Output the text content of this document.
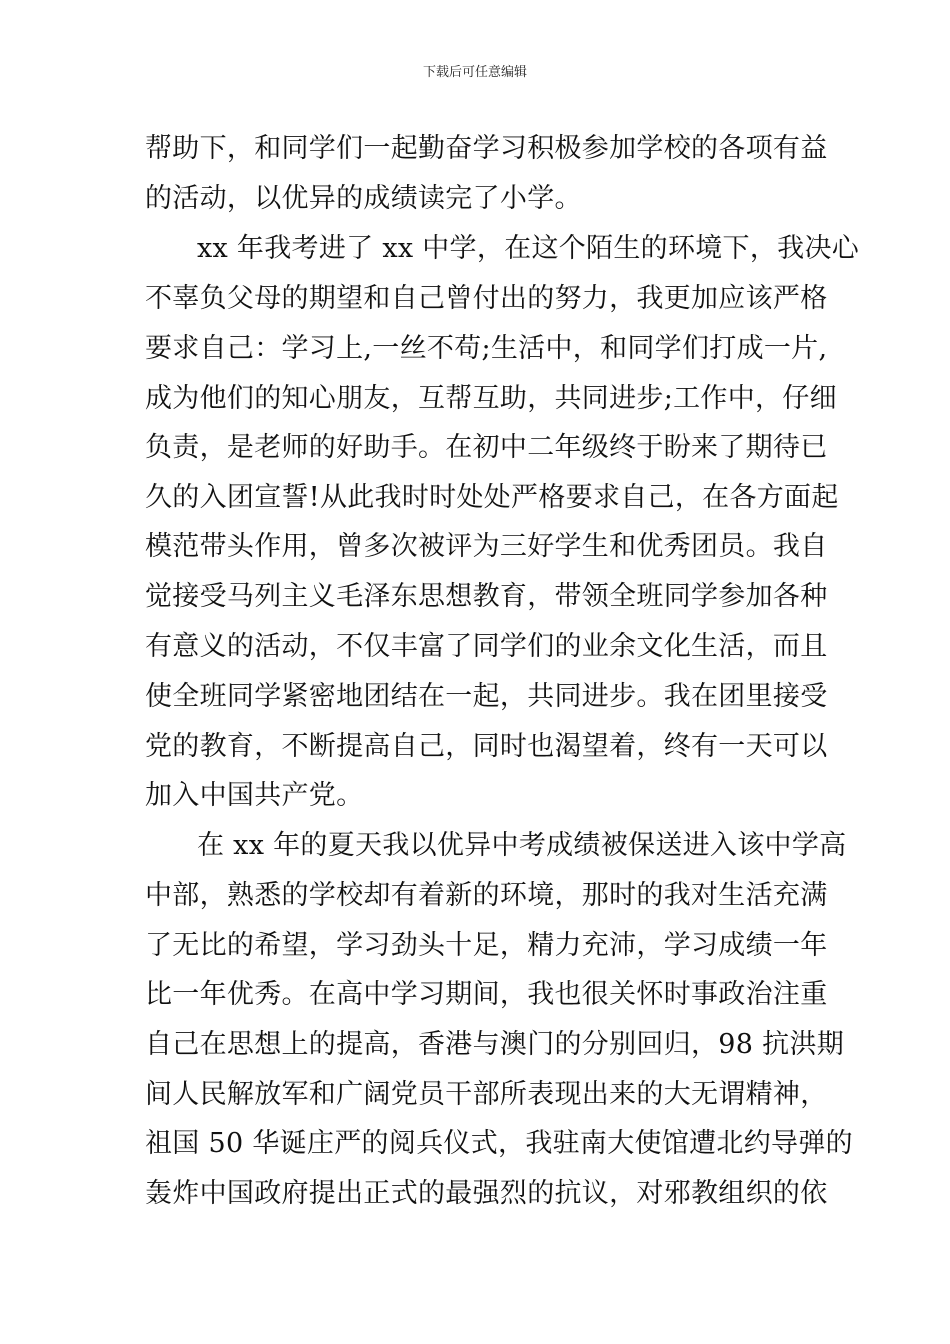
下载后可任意编辑
帮助下，和同学们一起勤奋学习积极参加学校的各项有益
的活动，以优异的成绩读完了小学。
xx 年我考进了 xx 中学，在这个陌生的环境下，我决心
不辜负父母的期望和自己曾付出的努力，我更加应该严格
要求自己：学习上,一丝不苟;生活中，和同学们打成一片,
成为他们的知心朋友，互帮互助，共同进步;工作中，仔细
负责，是老师的好助手。在初中二年级终于盼来了期待已
久的入团宣誓!从此我时时处处严格要求自己，在各方面起
模范带头作用，曾多次被评为三好学生和优秀团员。我自
觉接受马列主义毛泽东思想教育，带领全班同学参加各种
有意义的活动，不仅丰富了同学们的业余文化生活，而且
使全班同学紧密地团结在一起，共同进步。我在团里接受
党的教育，不断提高自己，同时也渴望着，终有一天可以
加入中国共产党。
在 xx 年的夏天我以优异中考成绩被保送进入该中学高
中部，熟悉的学校却有着新的环境，那时的我对生活充满
了无比的希望，学习劲头十足，精力充沛，学习成绩一年
比一年优秀。在高中学习期间，我也很关怀时事政治注重
自己在思想上的提高，香港与澳门的分别回归，98 抗洪期
间人民解放军和广阔党员干部所表现出来的大无谓精神，
祖国 50 华诞庄严的阅兵仪式，我驻南大使馆遭北约导弹的
轰炸中国政府提出正式的最强烈的抗议，对邪教组织的依
